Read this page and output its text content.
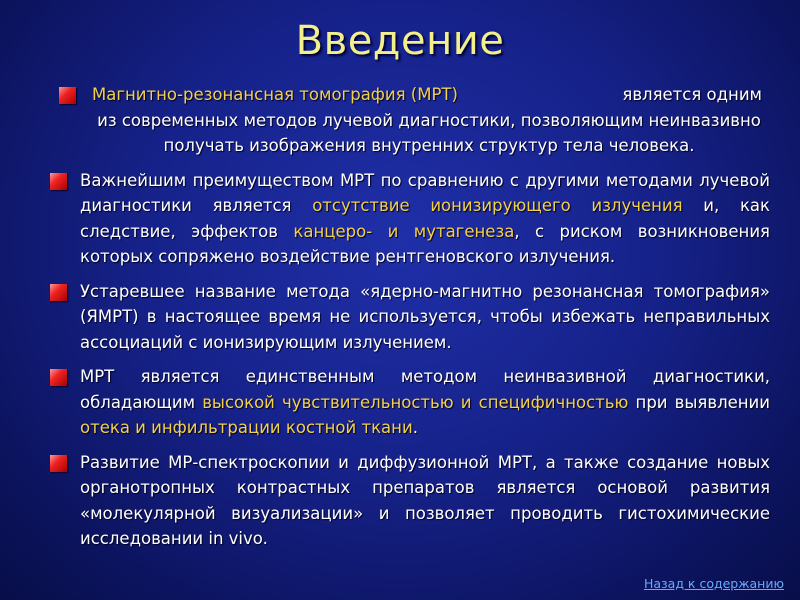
Введение
Магнитно-резонансная томография (МРТ)	является одним
из современных методов лучевой диагностики, позволяющим неинвазивно получать изображения внутренних структур тела человека.
Важнейшим преимуществом МРТ по сравнению с другими методами лучевой диагностики является отсутствие ионизирующего излучения и, как следствие, эффектов канцеро- и мутагенеза, с риском возникновения которых сопряжено воздействие рентгеновского излучения.
Устаревшее название метода «ядерно-магнитно резонансная томография» (ЯМРТ) в настоящее время не используется, чтобы избежать неправильных ассоциаций с ионизирующим излучением.
МРТ является единственным методом неинвазивной диагностики, обладающим высокой чувствительностью и специфичностью при выявлении отека и инфильтрации костной ткани.
Развитие МР-спектроскопии и диффузионной МРТ, а также создание новых органотропных контрастных препаратов является основой развития «молекулярной визуализации» и позволяет проводить гистохимические исследовании in vivo.
Назад к содержанию
